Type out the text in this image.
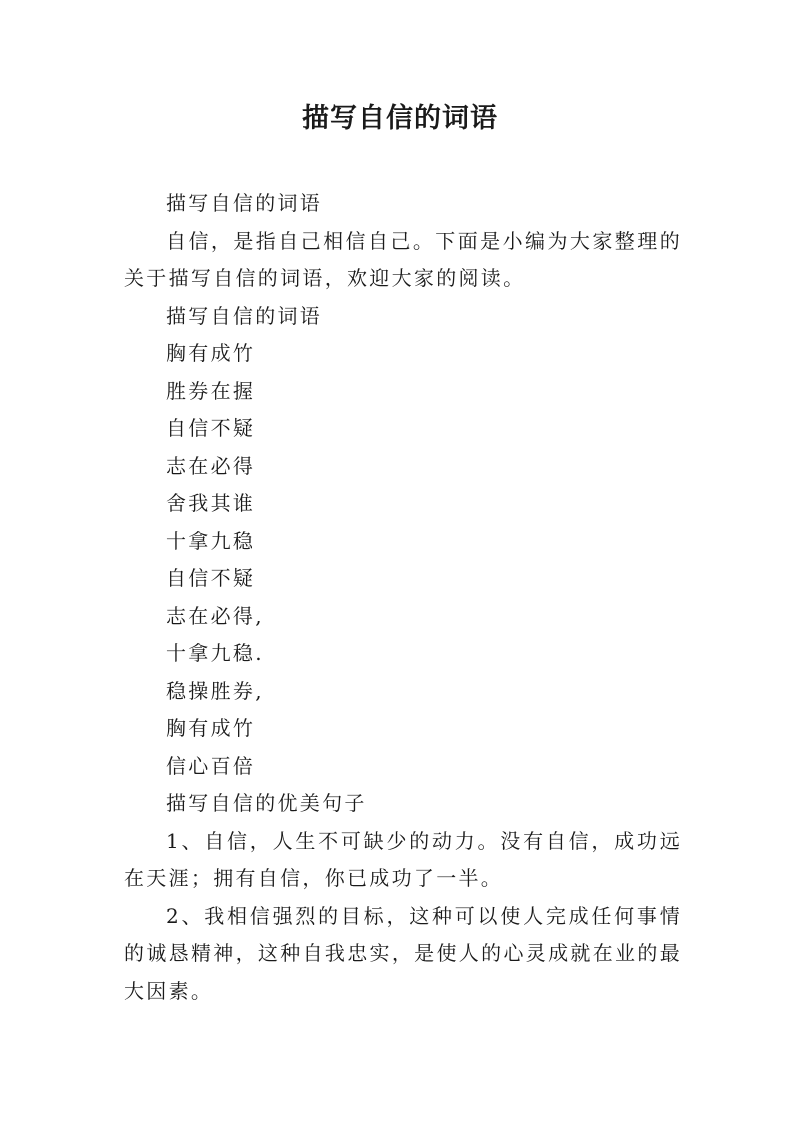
描写自信的词语

描写自信的词语

自信，是指自己相信自己。下面是小编为大家整理的关于描写自信的词语，欢迎大家的阅读。

描写自信的词语

胸有成竹

胜券在握

自信不疑

志在必得

舍我其谁

十拿九稳

自信不疑

志在必得,

十拿九稳.

稳操胜券,

胸有成竹

信心百倍

描写自信的优美句子

1、自信，人生不可缺少的动力。没有自信，成功远在天涯；拥有自信，你已成功了一半。

2、我相信强烈的目标，这种可以使人完成任何事情的诚恳精神，这种自我忠实，是使人的心灵成就在业的最大因素。
